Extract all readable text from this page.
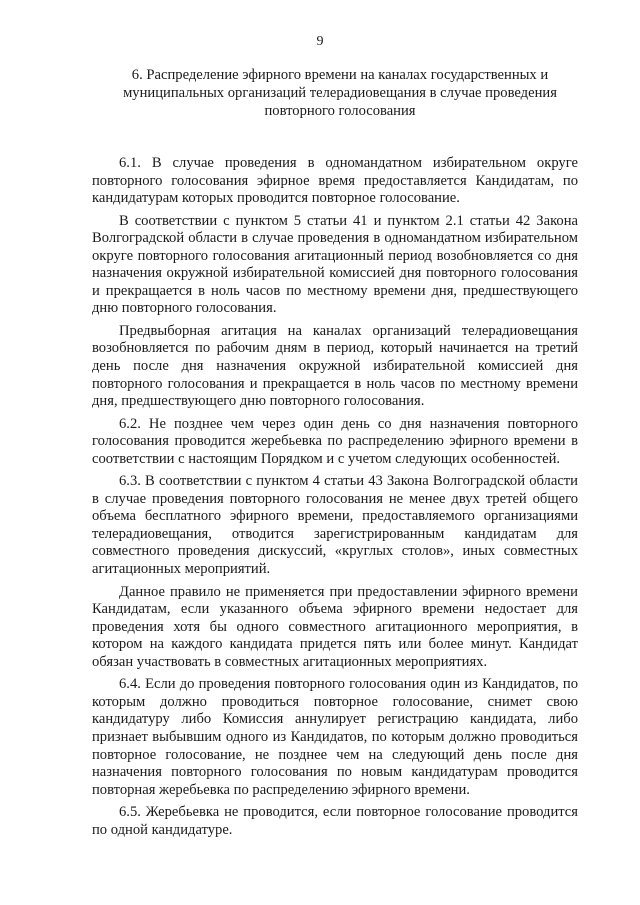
9
6. Распределение эфирного времени на каналах государственных и
муниципальных организаций телерадиовещания в случае проведения
повторного голосования

6.1. В случае проведения в одномандатном избирательном округе повторного голосования эфирное время предоставляется Кандидатам, по кандидатурам которых проводится повторное голосование.

В соответствии с пунктом 5 статьи 41 и пунктом 2.1 статьи 42 Закона Волгоградской области в случае проведения в одномандатном избирательном округе повторного голосования агитационный период возобновляется со дня назначения окружной избирательной комиссией дня повторного голосования и прекращается в ноль часов по местному времени дня, предшествующего дню повторного голосования.

Предвыборная агитация на каналах организаций телерадиовещания возобновляется по рабочим дням в период, который начинается на третий день после дня назначения окружной избирательной комиссией дня повторного голосования и прекращается в ноль часов по местному времени дня, предшествующего дню повторного голосования.

6.2. Не позднее чем через один день со дня назначения повторного голосования проводится жеребьевка по распределению эфирного времени в соответствии с настоящим Порядком и с учетом следующих особенностей.

6.3. В соответствии с пунктом 4 статьи 43 Закона Волгоградской области в случае проведения повторного голосования не менее двух третей общего объема бесплатного эфирного времени, предоставляемого организациями телерадиовещания, отводится зарегистрированным кандидатам для совместного проведения дискуссий, «круглых столов», иных совместных агитационных мероприятий.

Данное правило не применяется при предоставлении эфирного времени Кандидатам, если указанного объема эфирного времени недостает для проведения хотя бы одного совместного агитационного мероприятия, в котором на каждого кандидата придется пять или более минут. Кандидат обязан участвовать в совместных агитационных мероприятиях.

6.4. Если до проведения повторного голосования один из Кандидатов, по которым должно проводиться повторное голосование, снимет свою кандидатуру либо Комиссия аннулирует регистрацию кандидата, либо признает выбывшим одного из Кандидатов, по которым должно проводиться повторное голосование, не позднее чем на следующий день после дня назначения повторного голосования по новым кандидатурам проводится повторная жеребьевка по распределению эфирного времени.

6.5. Жеребьевка не проводится, если повторное голосование проводится по одной кандидатуре.
